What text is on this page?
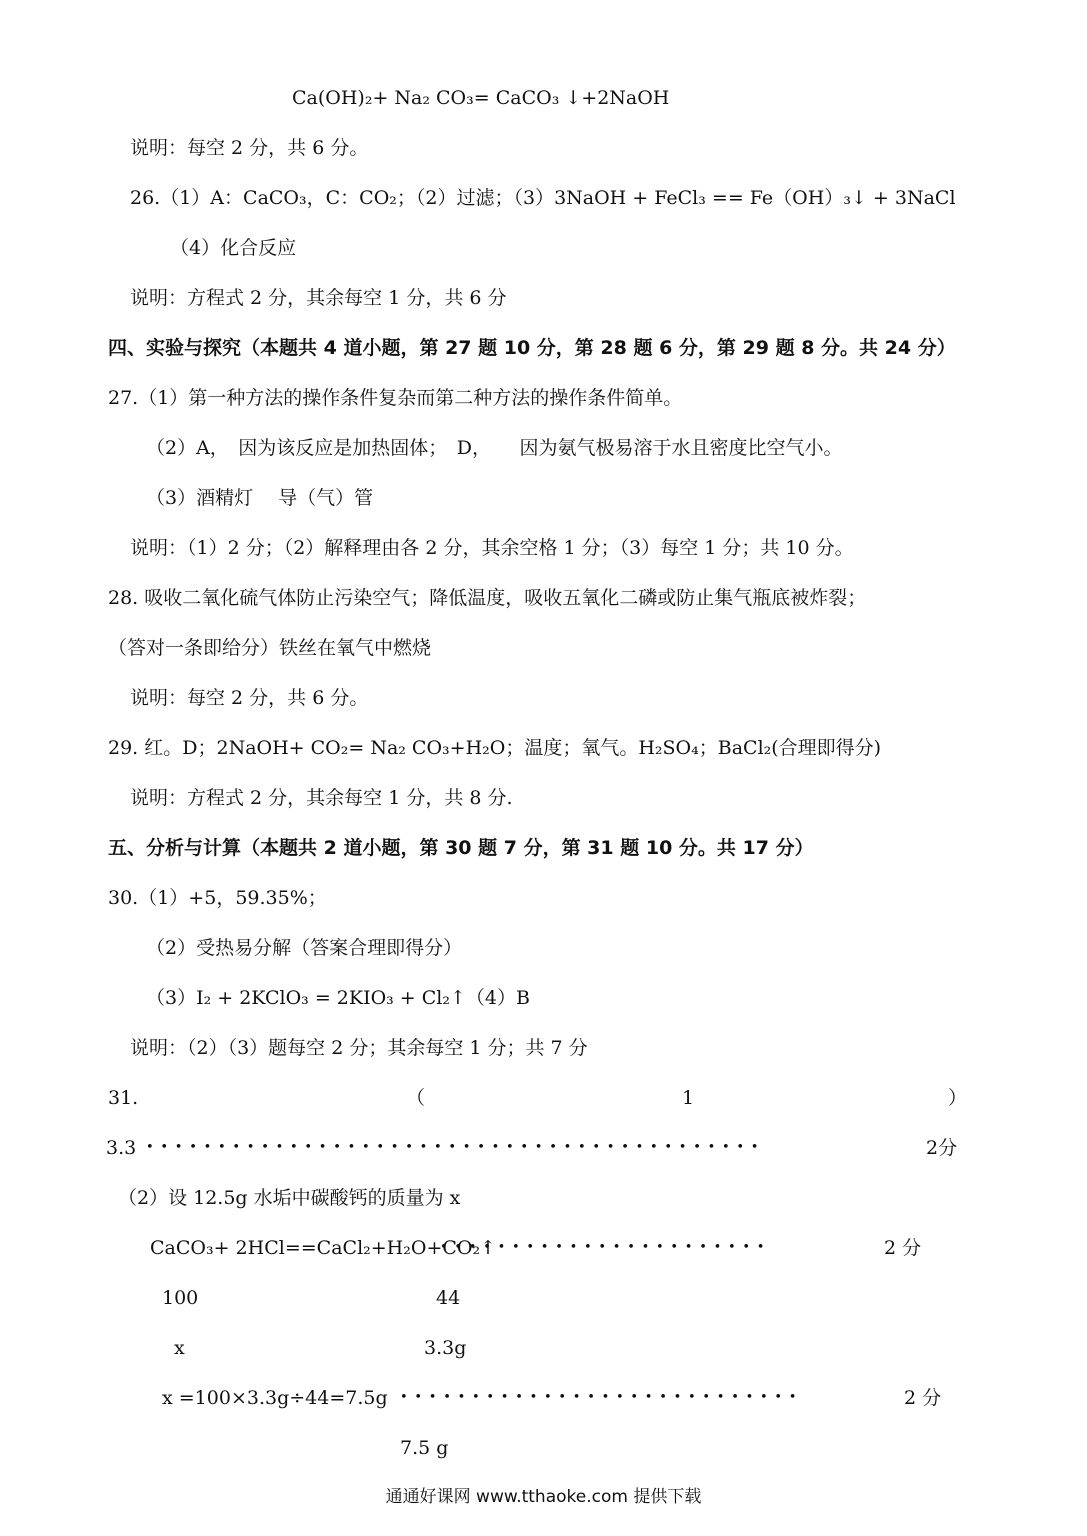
Ca(OH)₂+ Na₂ CO₃= CaCO₃ ↓+2NaOH
说明：每空 2 分，共 6 分。
26.（1）A：CaCO₃，C：CO₂；（2）过滤；（3）3NaOH + FeCl₃ == Fe（OH）₃↓ + 3NaCl
（4）化合反应
说明：方程式 2 分，其余每空 1 分，共 6 分
四、实验与探究（本题共 4 道小题，第 27 题 10 分，第 28 题 6 分，第 29 题 8 分。共 24 分）
27.（1）第一种方法的操作条件复杂而第二种方法的操作条件简单。
（2）A，　因为该反应是加热固体；　D，　　因为氨气极易溶于水且密度比空气小。
（3）酒精灯　 导（气）管
说明：（1）2 分；（2）解释理由各 2 分，其余空格 1 分；（3）每空 1 分；共 10 分。
28. 吸收二氧化硫气体防止污染空气；降低温度，吸收五氧化二磷或防止集气瓶底被炸裂；
（答对一条即给分）铁丝在氧气中燃烧
说明：每空 2 分，共 6 分。
29. 红。D；2NaOH+ CO₂= Na₂ CO₃+H₂O；温度；氧气。H₂SO₄；BaCl₂(合理即得分)
说明：方程式 2 分，其余每空 1 分，共 8 分.
五、分析与计算（本题共 2 道小题，第 30 题 7 分，第 31 题 10 分。共 17 分）
30.（1）+5，59.35%；
（2）受热易分解（答案合理即得分）
（3）I₂ + 2KClO₃ = 2KIO₃ + Cl₂↑（4）B
说明：（2）（3）题每空 2 分；其余每空 1 分；共 7 分
31.	（	1	）
3.3 • • • • • • • • • • • • • • • • • • • • • • • • • • • • • • • • • • • • • • • • • • •	2分
（2）设 12.5g 水垢中碳酸钙的质量为 x
CaCO₃+ 2HCl==CaCl₂+H₂O+CO₂↑
• • • • • • • • • • • • • • • • • • • • • • •	2 分
100	44
x	3.3g
x =100×3.3g÷44=7.5g • • • • • • • • • • • • • • • • • • • • • • • • • • • •	2 分
7.5 g
通通好课网 www.tthaoke.com 提供下载
